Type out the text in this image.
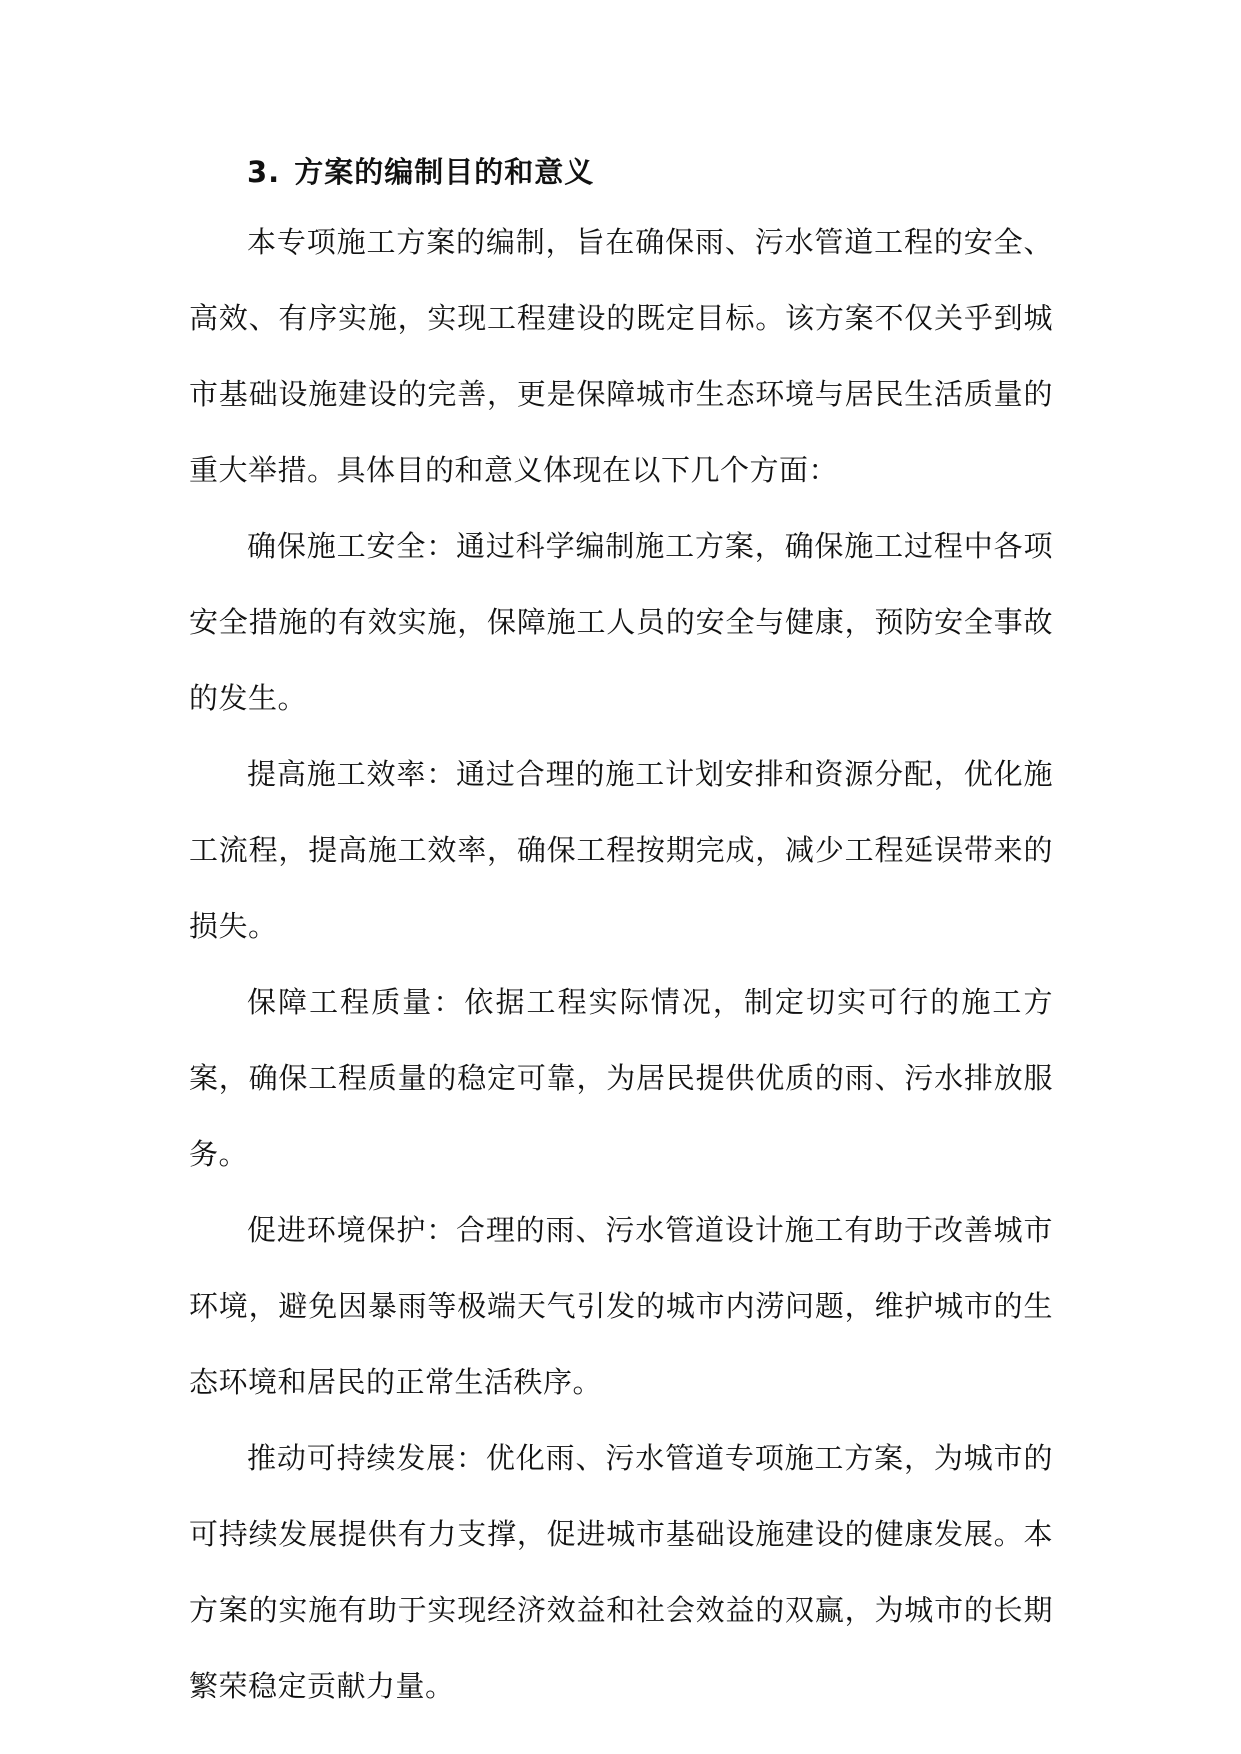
3. 方案的编制目的和意义

本专项施工方案的编制，旨在确保雨、污水管道工程的安全、高效、有序实施，实现工程建设的既定目标。该方案不仅关乎到城市基础设施建设的完善，更是保障城市生态环境与居民生活质量的重大举措。具体目的和意义体现在以下几个方面：

确保施工安全：通过科学编制施工方案，确保施工过程中各项安全措施的有效实施，保障施工人员的安全与健康，预防安全事故的发生。

提高施工效率：通过合理的施工计划安排和资源分配，优化施工流程，提高施工效率，确保工程按期完成，减少工程延误带来的损失。

保障工程质量：依据工程实际情况，制定切实可行的施工方案，确保工程质量的稳定可靠，为居民提供优质的雨、污水排放服务。

促进环境保护：合理的雨、污水管道设计施工有助于改善城市环境，避免因暴雨等极端天气引发的城市内涝问题，维护城市的生态环境和居民的正常生活秩序。

推动可持续发展：优化雨、污水管道专项施工方案，为城市的可持续发展提供有力支撑，促进城市基础设施建设的健康发展。本方案的实施有助于实现经济效益和社会效益的双赢，为城市的长期繁荣稳定贡献力量。
